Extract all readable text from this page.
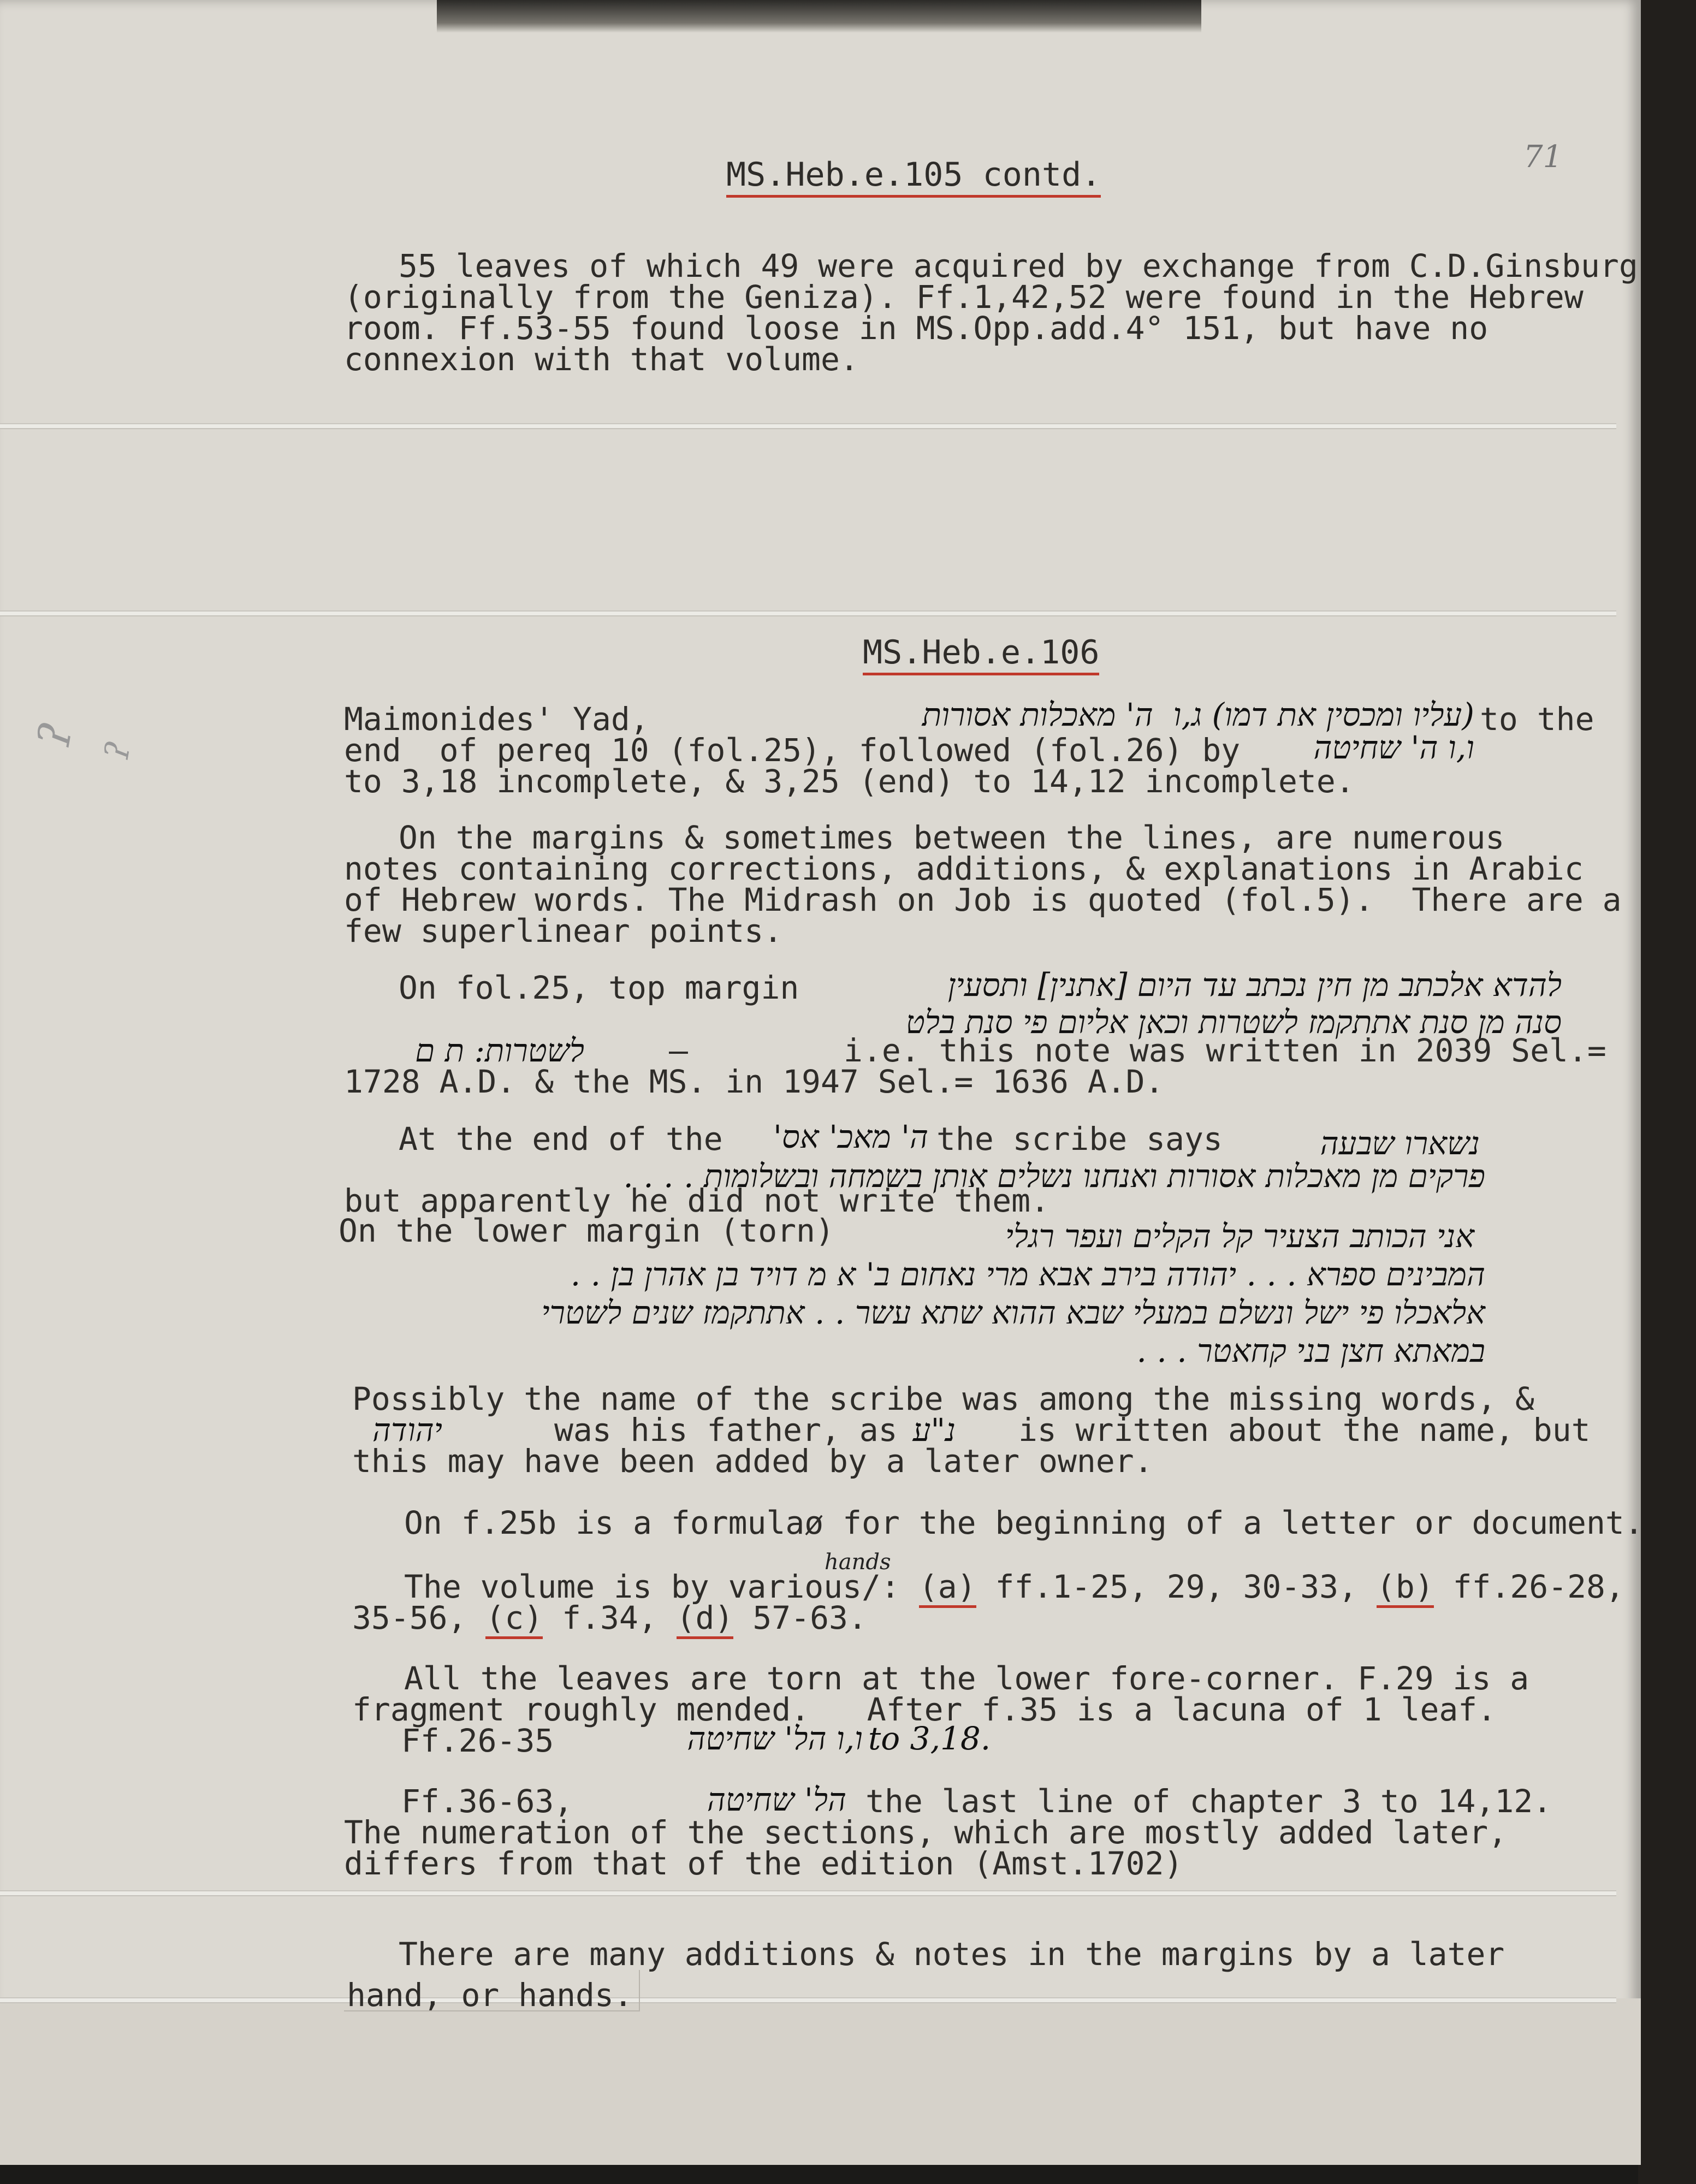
71
ʔ ʔ
MS.Heb.e.105 contd.
55 leaves of which 49 were acquired by exchange from C.D.Ginsburg
(originally from the Geniza). Ff.1,42,52 were found in the Hebrew
room. Ff.53-55 found loose in MS.Opp.add.4° 151, but have no
connexion with that volume.
MS.Heb.e.106
Maimonides' Yad,	(עליו ומכסין את דמו) ג,ו  ה' מאכלות אסורות to the
end  of pereq 10 (fol.25), followed (fol.26) by	ו,ו ה' שחיטה
to 3,18 incomplete, & 3,25 (end) to 14,12 incomplete.
On the margins & sometimes between the lines, are numerous
notes containing corrections, additions, & explanations in Arabic
of Hebrew words. The Midrash on Job is quoted (fol.5).  There are a
few superlinear points.
On fol.25, top margin	להדא אלכתב מן חין נכתב עד היום [אתנין] ותסעין
סנה מן סנת אתתקמז לשטרות וכאן אליום פי סנת בלט
לשטרות: ת ם	–	i.e. this note was written in 2039 Sel.=
1728 A.D. & the MS. in 1947 Sel.= 1636 A.D.
At the end of the	ה' מאכ' אס' the scribe says	נשארו שבעה
פרקים מן מאכלות אסורות ואנחנו נשלים אותן בשמחה ובשלומות . . . .
but apparently he did not write them.
On the lower margin (torn)	אני הכותב הצעיר קל הקלים ועפר רגלי
המבינים ספרא . . . יהודה בירב אבא מרי נאחום ב' א מ דויד בן אהרן בן . .
אלאכלו פי ישל ונשלם במעלי שבא ההוא שתא עשר . . אתתקמז שנים לשטרי
במאתא חצן בני קחאטר . . .
Possibly the name of the scribe was among the missing words, &
יהודה	was his father, as נ"ע is written about the name, but
this may have been added by a later owner.
On f.25b is a formulaø for the beginning of a letter or document.
hands
The volume is by various/: (a) ff.1-25, 29, 30-33, (b) ff.26-28,
35-56, (c) f.34, (d) 57-63.
All the leaves are torn at the lower fore-corner. F.29 is a
fragment roughly mended.   After f.35 is a lacuna of 1 leaf.
Ff.26-35	ו,ו הל' שחיטה to 3,18.
Ff.36-63,	הל' שחיטה the last line of chapter 3 to 14,12.
The numeration of the sections, which are mostly added later,
differs from that of the edition (Amst.1702)
There are many additions & notes in the margins by a later
hand, or hands.
